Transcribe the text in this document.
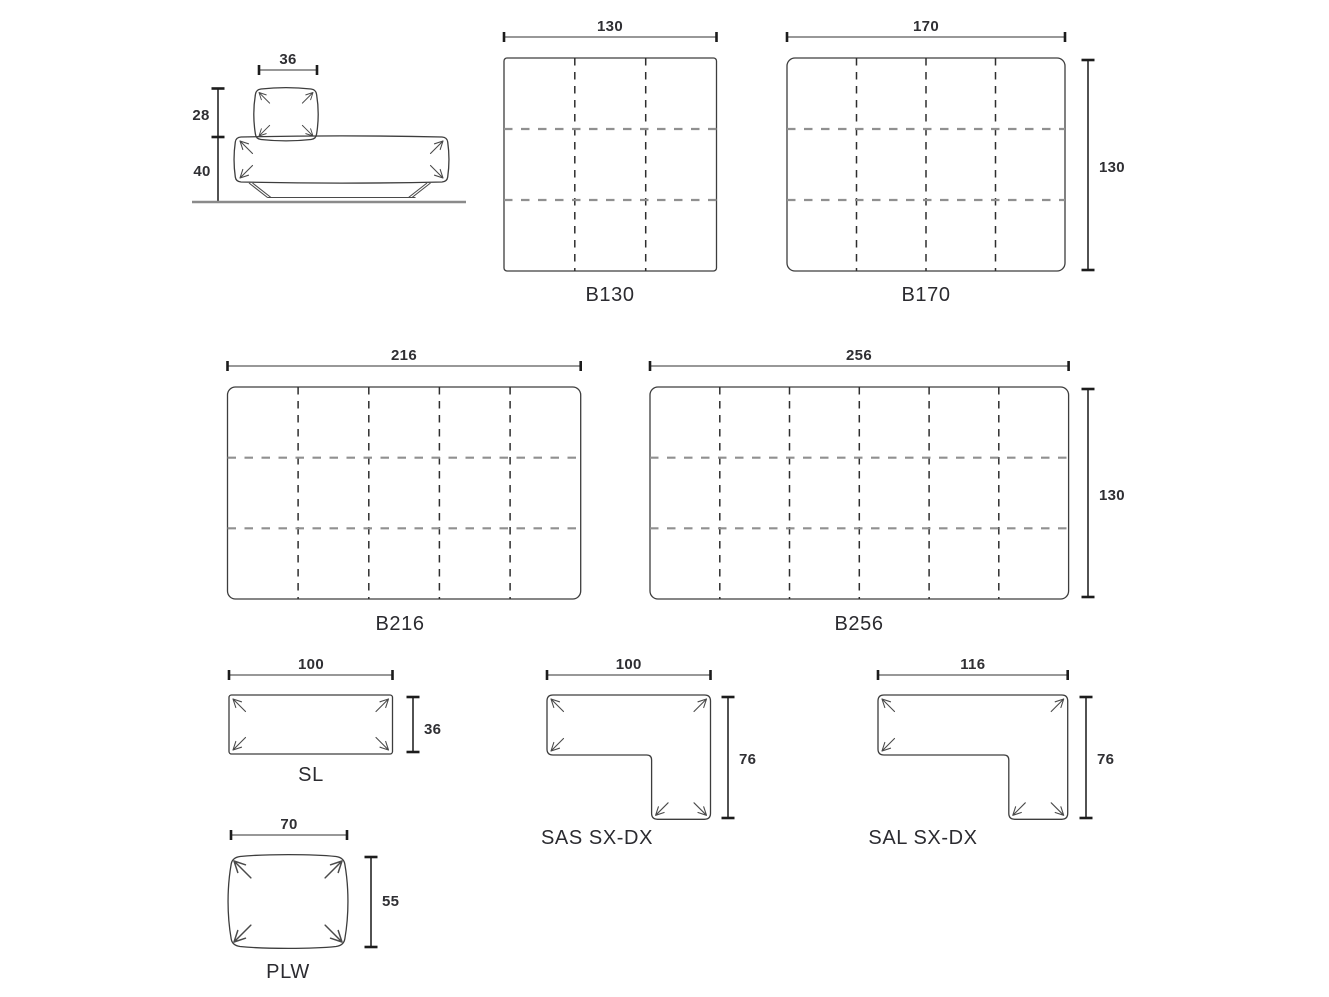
36
28
40
130
B130
170
130
B170
216
B216
256
130
B256
100
36
SL
100
76
SAS SX-DX
116
76
SAL SX-DX
70
55
PLW
